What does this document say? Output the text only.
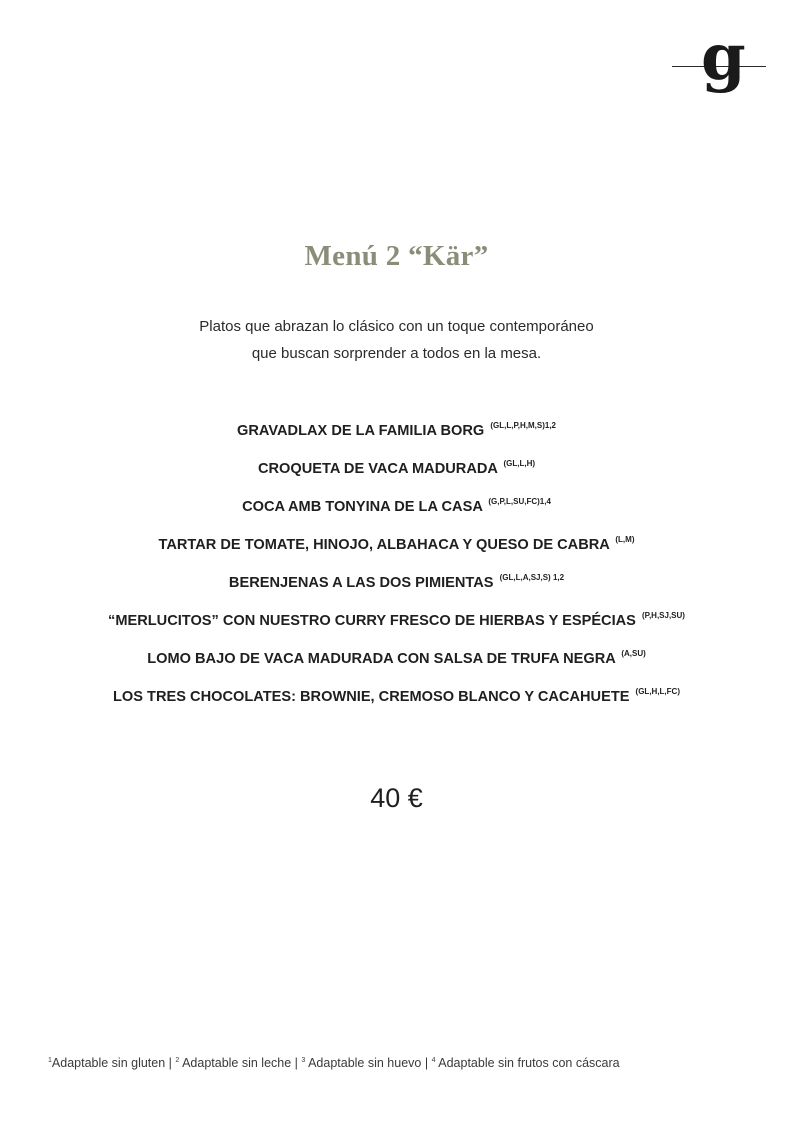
g
Menú 2 “Kär”

Platos que abrazan lo clásico con un toque contemporáneo

que buscan sorprender a todos en la mesa.

GRAVADLAX DE LA FAMILIA BORG $^{(GL,L,P,H,M,S)1,2}$
CROQUETA DE VACA MADURADA $^{(GL,L,H)}$
COCA AMB TONYINA DE LA CASA $^{(G,P,L,SU,FC)1,4}$
TARTAR DE TOMATE, HINOJO, ALBAHACA Y QUESO DE CABRA $^{(L,M)}$
BERENJENAS A LAS DOS PIMIENTAS $^{(GL,L,A,SJ,S) 1,2}$
“MERLUCITOS” CON NUESTRO CURRY FRESCO DE HIERBAS Y ESPÉCIAS $^{(P,H,SJ,SU)}$
LOMO BAJO DE VACA MADURADA CON SALSA DE TRUFA NEGRA $^{(A,SU)}$
LOS TRES CHOCOLATES: BROWNIE, CREMOSO BLANCO Y CACAHUETE $^{(GL,H,L,FC)}$
40 €
$^1$Adaptable sin gluten | $^2$ Adaptable sin leche | $^3$ Adaptable sin huevo | $^4$ Adaptable sin frutos con cáscara
